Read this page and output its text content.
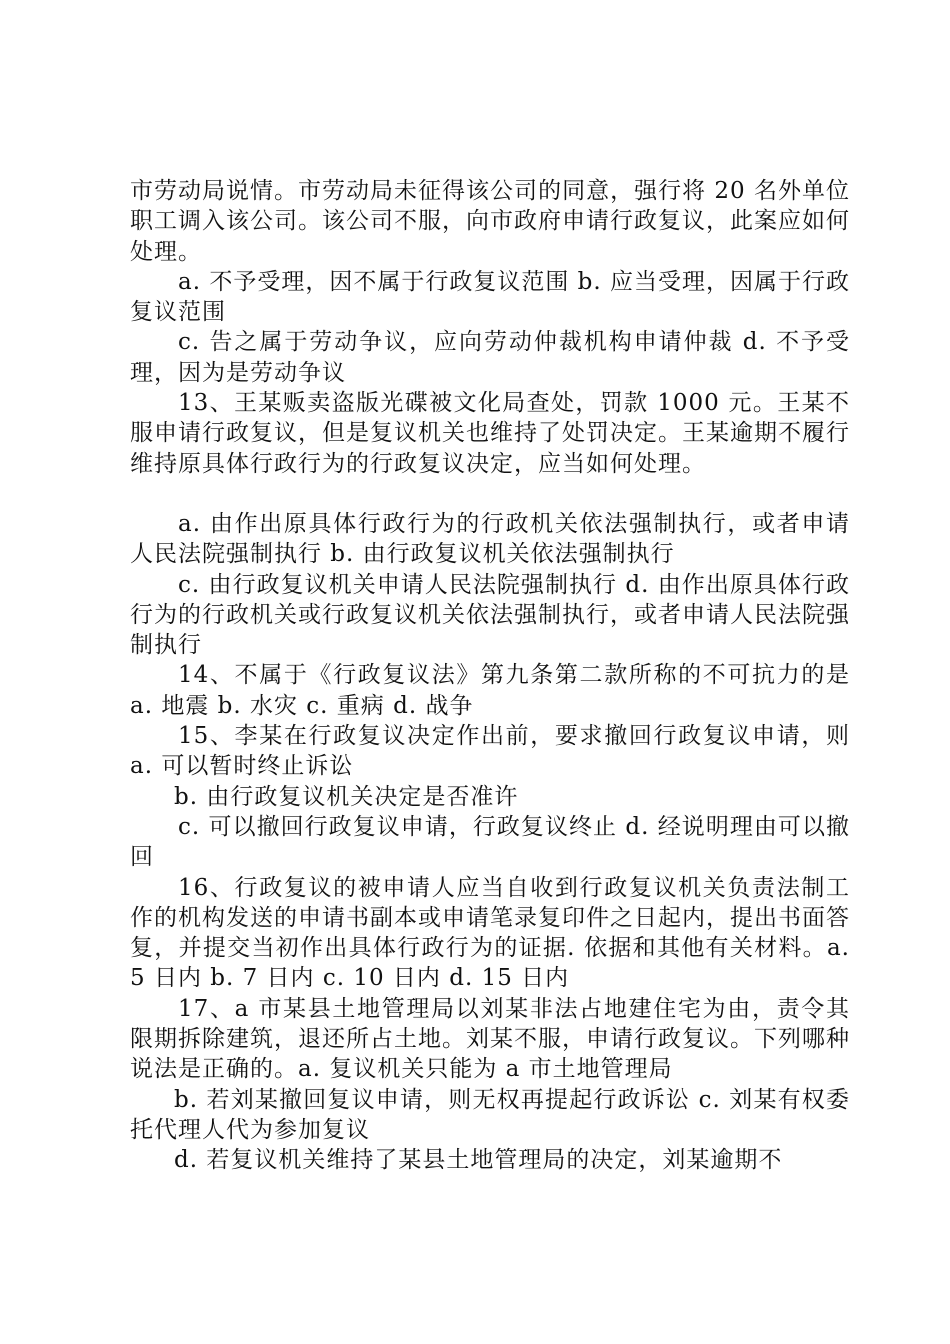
市劳动局说情。市劳动局未征得该公司的同意，强行将 20 名外单位职工调入该公司。该公司不服，向市政府申请行政复议，此案应如何处理。

a. 不予受理，因不属于行政复议范围 b. 应当受理，因属于行政复议范围

c. 告之属于劳动争议，应向劳动仲裁机构申请仲裁 d. 不予受理，因为是劳动争议

13、王某贩卖盗版光碟被文化局查处，罚款 1000 元。王某不服申请行政复议，但是复议机关也维持了处罚决定。王某逾期不履行维持原具体行政行为的行政复议决定，应当如何处理。

a. 由作出原具体行政行为的行政机关依法强制执行，或者申请人民法院强制执行 b. 由行政复议机关依法强制执行

c. 由行政复议机关申请人民法院强制执行 d. 由作出原具体行政行为的行政机关或行政复议机关依法强制执行，或者申请人民法院强制执行

14、不属于《行政复议法》第九条第二款所称的不可抗力的是 a. 地震 b. 水灾 c. 重病 d. 战争

15、李某在行政复议决定作出前，要求撤回行政复议申请，则 a. 可以暂时终止诉讼

b. 由行政复议机关决定是否准许

c. 可以撤回行政复议申请，行政复议终止 d. 经说明理由可以撤回

16、行政复议的被申请人应当自收到行政复议机关负责法制工作的机构发送的申请书副本或申请笔录复印件之日起内，提出书面答复，并提交当初作出具体行政行为的证据. 依据和其他有关材料。a. 5 日内 b. 7 日内 c. 10 日内 d. 15 日内

17、a 市某县土地管理局以刘某非法占地建住宅为由，责令其限期拆除建筑，退还所占土地。刘某不服，申请行政复议。下列哪种说法是正确的。a. 复议机关只能为 a 市土地管理局

b. 若刘某撤回复议申请，则无权再提起行政诉讼 c. 刘某有权委托代理人代为参加复议

d. 若复议机关维持了某县土地管理局的决定，刘某逾期不
